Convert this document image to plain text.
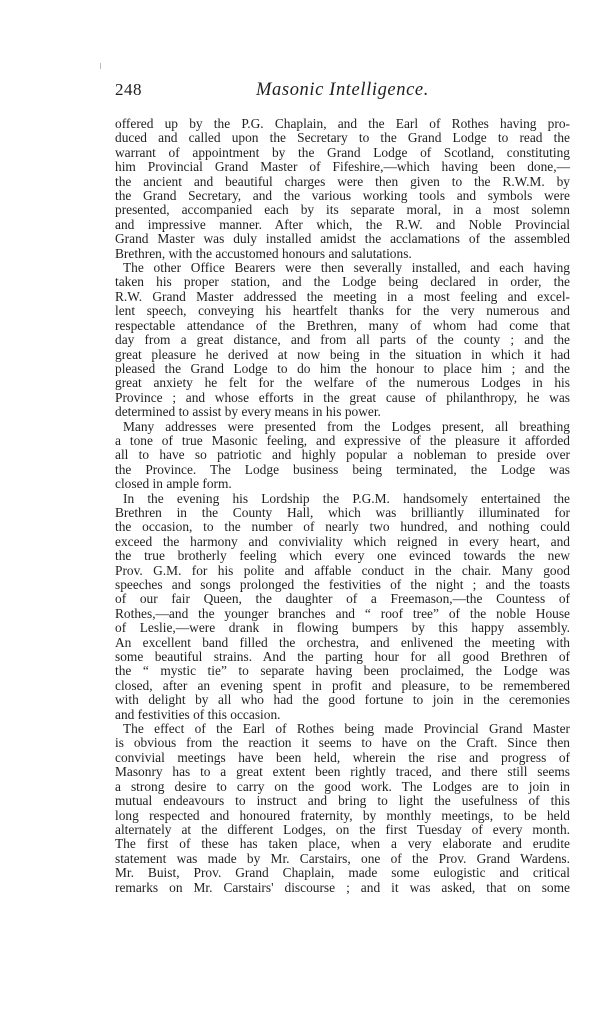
248	Masonic Intelligence.
offered up by the P.G. Chaplain, and the Earl of Rothes having pro-
duced and called upon the Secretary to the Grand Lodge to read the
warrant of appointment by the Grand Lodge of Scotland, constituting
him Provincial Grand Master of Fifeshire,—which having been done,—
the ancient and beautiful charges were then given to the R.W.M. by
the Grand Secretary, and the various working tools and symbols were
presented, accompanied each by its separate moral, in a most solemn
and impressive manner. After which, the R.W. and Noble Provincial
Grand Master was duly installed amidst the acclamations of the assembled
Brethren, with the accustomed honours and salutations.
The other Office Bearers were then severally installed, and each having
taken his proper station, and the Lodge being declared in order, the
R.W. Grand Master addressed the meeting in a most feeling and excel-
lent speech, conveying his heartfelt thanks for the very numerous and
respectable attendance of the Brethren, many of whom had come that
day from a great distance, and from all parts of the county ; and the
great pleasure he derived at now being in the situation in which it had
pleased the Grand Lodge to do him the honour to place him ; and the
great anxiety he felt for the welfare of the numerous Lodges in his
Province ; and whose efforts in the great cause of philanthropy, he was
determined to assist by every means in his power.
Many addresses were presented from the Lodges present, all breathing
a tone of true Masonic feeling, and expressive of the pleasure it afforded
all to have so patriotic and highly popular a nobleman to preside over
the Province. The Lodge business being terminated, the Lodge was
closed in ample form.
In the evening his Lordship the P.G.M. handsomely entertained the
Brethren in the County Hall, which was brilliantly illuminated for
the occasion, to the number of nearly two hundred, and nothing could
exceed the harmony and conviviality which reigned in every heart, and
the true brotherly feeling which every one evinced towards the new
Prov. G.M. for his polite and affable conduct in the chair. Many good
speeches and songs prolonged the festivities of the night ; and the toasts
of our fair Queen, the daughter of a Freemason,—the Countess of
Rothes,—and the younger branches and “ roof tree” of the noble House
of Leslie,—were drank in flowing bumpers by this happy assembly.
An excellent band filled the orchestra, and enlivened the meeting with
some beautiful strains. And the parting hour for all good Brethren of
the “ mystic tie” to separate having been proclaimed, the Lodge was
closed, after an evening spent in profit and pleasure, to be remembered
with delight by all who had the good fortune to join in the ceremonies
and festivities of this occasion.
The effect of the Earl of Rothes being made Provincial Grand Master
is obvious from the reaction it seems to have on the Craft. Since then
convivial meetings have been held, wherein the rise and progress of
Masonry has to a great extent been rightly traced, and there still seems
a strong desire to carry on the good work. The Lodges are to join in
mutual endeavours to instruct and bring to light the usefulness of this
long respected and honoured fraternity, by monthly meetings, to be held
alternately at the different Lodges, on the first Tuesday of every month.
The first of these has taken place, when a very elaborate and erudite
statement was made by Mr. Carstairs, one of the Prov. Grand Wardens.
Mr. Buist, Prov. Grand Chaplain, made some eulogistic and critical
remarks on Mr. Carstairs' discourse ; and it was asked, that on some
